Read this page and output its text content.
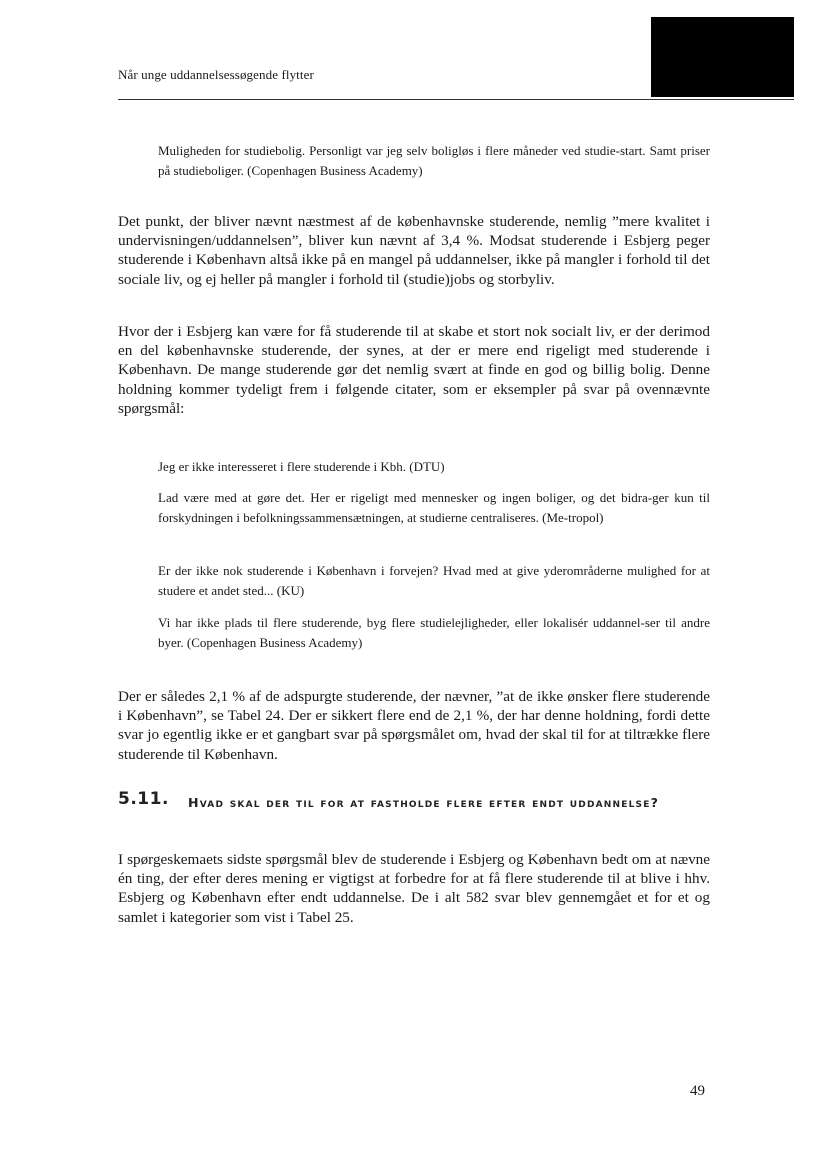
Når unge uddannelsessøgende flytter
Muligheden for studiebolig. Personligt var jeg selv boligløs i flere måneder ved studie-start. Samt priser på studieboliger. (Copenhagen Business Academy)
Det punkt, der bliver nævnt næstmest af de københavnske studerende, nemlig ”mere kvalitet i undervisningen/uddannelsen”, bliver kun nævnt af 3,4 %. Modsat studerende i Esbjerg peger studerende i København altså ikke på en mangel på uddannelser, ikke på mangler i forhold til det sociale liv, og ej heller på mangler i forhold til (studie)jobs og storbyliv.
Hvor der i Esbjerg kan være for få studerende til at skabe et stort nok socialt liv, er der derimod en del københavnske studerende, der synes, at der er mere end rigeligt med studerende i København. De mange studerende gør det nemlig svært at finde en god og billig bolig. Denne holdning kommer tydeligt frem i følgende citater, som er eksempler på svar på ovennævnte spørgsmål:
Jeg er ikke interesseret i flere studerende i Kbh. (DTU)
Lad være med at gøre det. Her er rigeligt med mennesker og ingen boliger, og det bidra-ger kun til forskydningen i befolkningssammensætningen, at studierne centraliseres. (Me-tropol)
Er der ikke nok studerende i København i forvejen? Hvad med at give yderområderne mulighed for at studere et andet sted... (KU)
Vi har ikke plads til flere studerende, byg flere studielejligheder, eller lokalisér uddannel-ser til andre byer. (Copenhagen Business Academy)
Der er således 2,1 % af de adspurgte studerende, der nævner, ”at de ikke ønsker flere studerende i København”, se Tabel 24. Der er sikkert flere end de 2,1 %, der har denne holdning, fordi dette svar jo egentlig ikke er et gangbart svar på spørgsmålet om, hvad der skal til for at tiltrække flere studerende til København.
5.11. Hvad skal der til for at fastholde flere efter endt uddannelse?
I spørgeskemaets sidste spørgsmål blev de studerende i Esbjerg og København bedt om at nævne én ting, der efter deres mening er vigtigst at forbedre for at få flere studerende til at blive i hhv. Esbjerg og København efter endt uddannelse. De i alt 582 svar blev gennemgået et for et og samlet i kategorier som vist i Tabel 25.
49
